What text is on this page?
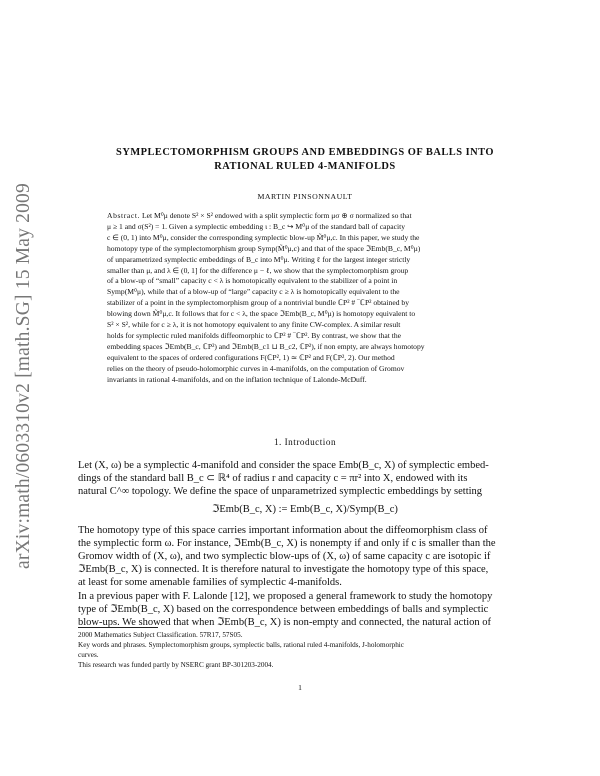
arXiv:math/0603310v2 [math.SG] 15 May 2009
SYMPLECTOMORPHISM GROUPS AND EMBEDDINGS OF BALLS INTO
RATIONAL RULED 4-MANIFOLDS
MARTIN PINSONNAULT

Abstract. Let M⁰μ denote S² × S² endowed with a split symplectic form μσ ⊕ σ normalized so that

μ ≥ 1 and σ(S²) = 1. Given a symplectic embedding ι : B_c ↪ M⁰μ of the standard ball of capacity

c ∈ (0, 1) into M⁰μ, consider the corresponding symplectic blow-up M̃⁰μ,c. In this paper, we study the

homotopy type of the symplectomorphism group Symp(M̃⁰μ,c) and that of the space ℑEmb(B_c, M⁰μ)

of unparametrized symplectic embeddings of B_c into M⁰μ. Writing ℓ for the largest integer strictly

smaller than μ, and λ ∈ (0, 1] for the difference μ − ℓ, we show that the symplectomorphism group

of a blow-up of “small” capacity c < λ is homotopically equivalent to the stabilizer of a point in

Symp(M⁰μ), while that of a blow-up of “large” capacity c ≥ λ is homotopically equivalent to the

stabilizer of a point in the symplectomorphism group of a nontrivial bundle ℂP² # ‾ℂP² obtained by

blowing down M̃⁰μ,c. It follows that for c < λ, the space ℑEmb(B_c, M⁰μ) is homotopy equivalent to

S² × S², while for c ≥ λ, it is not homotopy equivalent to any finite CW-complex. A similar result

holds for symplectic ruled manifolds diffeomorphic to ℂP² # ‾ℂP². By contrast, we show that the

embedding spaces ℑEmb(B_c, ℂP²) and ℑEmb(B_c1 ⊔ B_c2, ℂP²), if non empty, are always homotopy

equivalent to the spaces of ordered configurations F(ℂP², 1) ≃ ℂP² and F(ℂP², 2). Our method

relies on the theory of pseudo-holomorphic curves in 4-manifolds, on the computation of Gromov

invariants in rational 4-manifolds, and on the inflation technique of Lalonde-McDuff.

1. Introduction

Let (X, ω) be a symplectic 4-manifold and consider the space Emb(B_c, X) of symplectic embed-

dings of the standard ball B_c ⊂ ℝ⁴ of radius r and capacity c = πr² into X, endowed with its

natural C^∞ topology. We define the space of unparametrized symplectic embeddings by setting

ℑEmb(B_c, X) := Emb(B_c, X)/Symp(B_c)

The homotopy type of this space carries important information about the diffeomorphism class of

the symplectic form ω. For instance, ℑEmb(B_c, X) is nonempty if and only if c is smaller than the

Gromov width of (X, ω), and two symplectic blow-ups of (X, ω) of same capacity c are isotopic if

ℑEmb(B_c, X) is connected. It is therefore natural to investigate the homotopy type of this space,

at least for some amenable families of symplectic 4-manifolds.

In a previous paper with F. Lalonde [12], we proposed a general framework to study the homotopy

type of ℑEmb(B_c, X) based on the correspondence between embeddings of balls and symplectic

blow-ups. We showed that when ℑEmb(B_c, X) is non-empty and connected, the natural action of

2000 Mathematics Subject Classification. 57R17, 57S05.

Key words and phrases. Symplectomorphism groups, symplectic balls, rational ruled 4-manifolds, J-holomorphic

curves.

This research was funded partly by NSERC grant BP-301203-2004.

1
